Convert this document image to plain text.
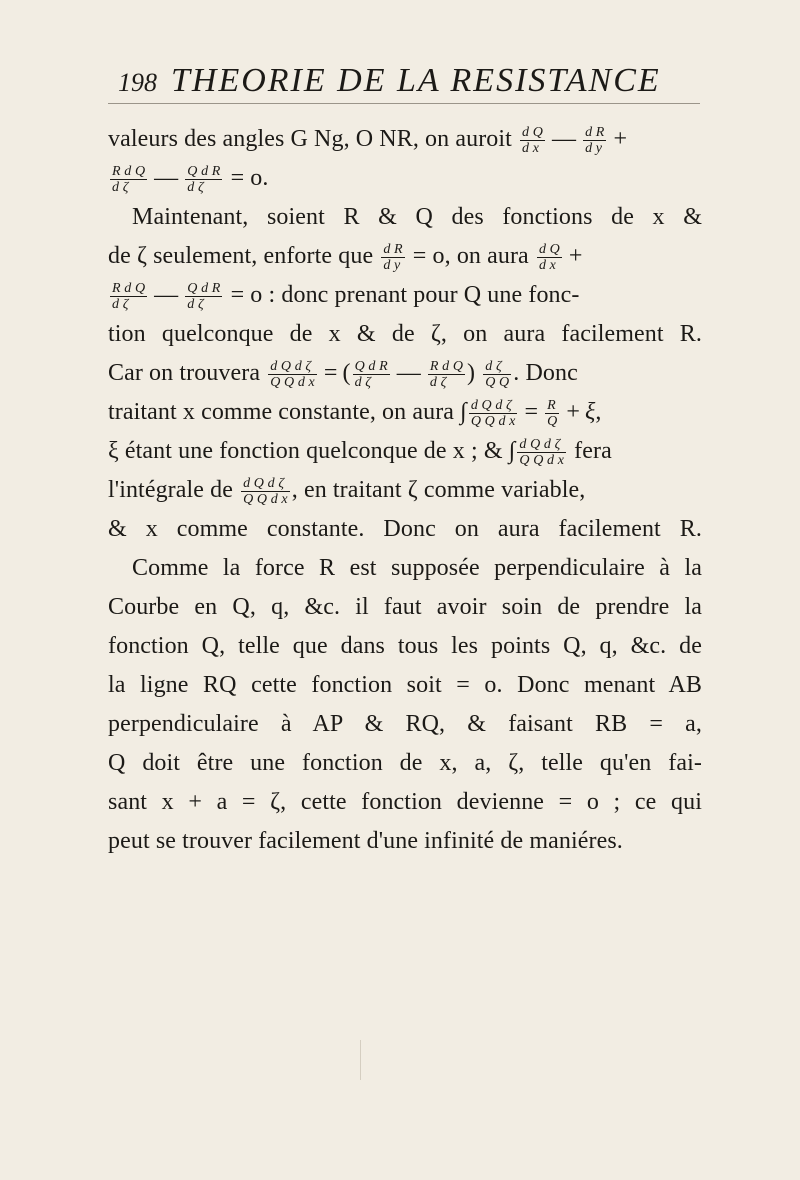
198 THEORIE DE LA RESISTANCE
valeurs des angles G Ng, O NR, on auroit $\frac{\text{d Q}}{\text{d x}}$ — $\frac{\text{d R}}{\text{d y}}$ +
$\frac{\text{R d Q}}{\text{d ζ}}$ — $\frac{\text{Q d R}}{\text{d ζ}} = o$.
Maintenant, soient R & Q des fonctions de x &
de ζ seulement, enforte que $\frac{\text{d R}}{\text{d y}} = o$, on aura $\frac{\text{d Q}}{\text{d x}}$ +
$\frac{\text{R d Q}}{\text{d ζ}}$ — $\frac{\text{Q d R}}{\text{d ζ}} = o$ : donc prenant pour Q une fonc-
tion quelconque de x & de ζ, on aura facilement R.
Car on trouvera $\frac{\text{d Q d ζ}}{\text{Q Q d x}}$ = ( $\frac{\text{Q d R}}{\text{d ζ}}$ — $\frac{\text{R d Q}}{\text{d ζ}}$ ) $\frac{\text{d ζ}}{\text{Q Q}}$ . Donc
traitant x comme constante, on aura ∫ $\frac{\text{d Q d ζ}}{\text{Q Q d x}} = \frac{R}{Q} + \xi$,
ξ étant une fonction quelconque de x ; & ∫ $\frac{\text{d Q d ζ}}{\text{Q Q d x}}$ fera
l'intégrale de $\frac{\text{d Q d ζ}}{\text{Q Q d x}}$ , en traitant ζ comme variable,
& x comme constante. Donc on aura facilement R.
Comme la force R est supposée perpendiculaire à la
Courbe en Q, q, &c. il faut avoir soin de prendre la
fonction Q, telle que dans tous les points Q, q, &c. de
la ligne RQ cette fonction soit = o. Donc menant AB
perpendiculaire à AP & RQ, & faisant RB = a,
Q doit être une fonction de x, a, ζ, telle qu'en fai-
sant x + a = ζ, cette fonction devienne = o ; ce qui
peut se trouver facilement d'une infinité de maniéres.
